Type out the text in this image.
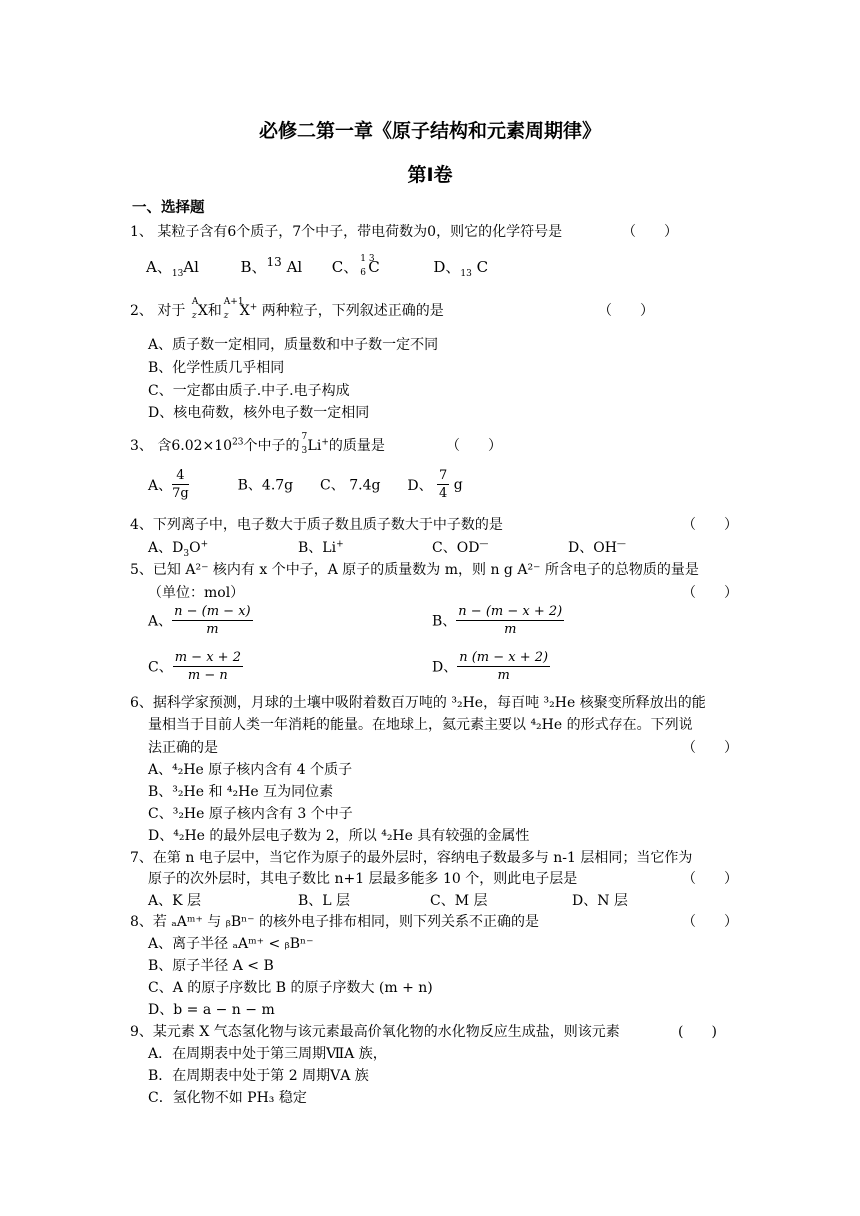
必修二第一章《原子结构和元素周期律》
第Ⅰ卷
一、选择题
1、 某粒子含有6个质子，7个中子，带电荷数为0，则它的化学符号是	（　　）
A、$_{13}$Al	B、$^{13}$ Al C、 1 3
6 C	D、$_{13}$ C
2、 对于
A
z X和
A+1
z X+ 两种粒子，下列叙述正确的是	（　　）
A、质子数一定相同，质量数和中子数一定不同
B、化学性质几乎相同
C、一定都由质子.中子.电子构成
D、核电荷数，核外电子数一定相同
3、 含$6.02\times 10^{23}$个中子的
7
3 Li+的质量是	（　　）
A、 $\frac{4}{7g}$	B、4.7g C、 7.4g D、 $\frac{7}{4}$ g
4、下列离子中，电子数大于质子数且质子数大于中子数的是	（　　）
A、$D_3O^+$	B、Li+	C、OD—	D、OH—
5、已知 A²⁻ 核内有 x 个中子，A 原子的质量数为 m，则 n g A²⁻ 所含电子的总物质的量是
（单位：mol）	（　　）
A、 $\frac{n - (m - x)}{m}$	B、 $\frac{n - (m - x + 2)}{m}$
C、 $\frac{m - x + 2}{m - n}$	D、 $\frac{n (m - x + 2)}{m}$
6、据科学家预测，月球的土壤中吸附着数百万吨的 ³₂He，每百吨 ³₂He 核聚变所释放出的能
量相当于目前人类一年消耗的能量。在地球上，氦元素主要以 ⁴₂He 的形式存在。下列说
法正确的是	（　　）
A、⁴₂He 原子核内含有 4 个质子
B、³₂He 和 ⁴₂He 互为同位素
C、³₂He 原子核内含有 3 个中子
D、⁴₂He 的最外层电子数为 2，所以 ⁴₂He 具有较强的金属性
7、在第 n 电子层中，当它作为原子的最外层时，容纳电子数最多与 n-1 层相同；当它作为
原子的次外层时，其电子数比 n+1 层最多能多 10 个，则此电子层是	（　　）
A、K 层	B、L 层	C、M 层	D、N 层
8、若 ₐAᵐ⁺ 与 ᵦBⁿ⁻ 的核外电子排布相同，则下列关系不正确的是	（　　）
A、离子半径 ₐAᵐ⁺ < ᵦBⁿ⁻
B、原子半径 A < B
C、A 的原子序数比 B 的原子序数大 (m + n)
D、b = a − n − m
9、某元素 X 气态氢化物与该元素最高价氧化物的水化物反应生成盐，则该元素	(　　)
A．在周期表中处于第三周期ⅦA 族，
B．在周期表中处于第 2 周期ⅤA 族
C．氢化物不如 PH₃ 稳定
